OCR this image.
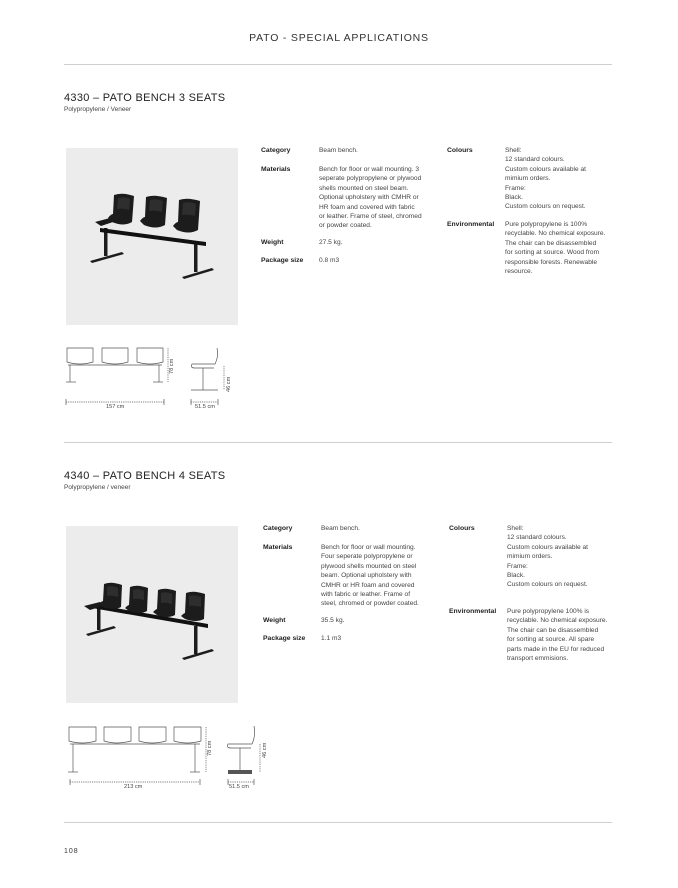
PATO - SPECIAL APPLICATIONS
4330 – PATO BENCH 3 SEATS
Polypropylene / Veneer
Category	Beam bench.
Materials	Bench for floor or wall mounting. 3
seperate polypropylene or plywood
shells mounted on steel beam.
Optional upholstery with CMHR or
HR foam and covered with fabric
or leather. Frame of steel, chromed
or powder coated.
Weight	27.5 kg.
Package size 0.8 m3
Colours	Shell:
12 standard colours.
Custom colours available at
mimium orders.
Frame:
Black.
Custom colours on request.
Environmental Pure polypropylene is 100%
recyclable. No chemical exposure.
The chair can be disassembled
for sorting at source. Wood from
responsible forests. Renewable
resource.
157 cm
78 cm
51.5 cm
46 cm
4340 – PATO BENCH 4 SEATS
Polypropylene / veneer
Category	Beam bench.
Materials	Bench for floor or wall mounting.
Four seperate polypropylene or
plywood shells mounted on steel
beam. Optional upholstery with
CMHR or HR foam and covered
with fabric or leather. Frame of
steel, chromed or powder coated.
Weight	35.5 kg.
Package size 1.1 m3
Colours	Shell:
12 standard colours.
Custom colours available at
mimium orders.
Frame:
Black.
Custom colours on request.
Environmental Pure polypropylene 100% is
recyclable. No chemical exposure.
The chair can be disassembled
for sorting at source. All spare
parts made in the EU for reduced
transport emmisions.
213 cm
78 cm
51.5 cm
46 cm
108
